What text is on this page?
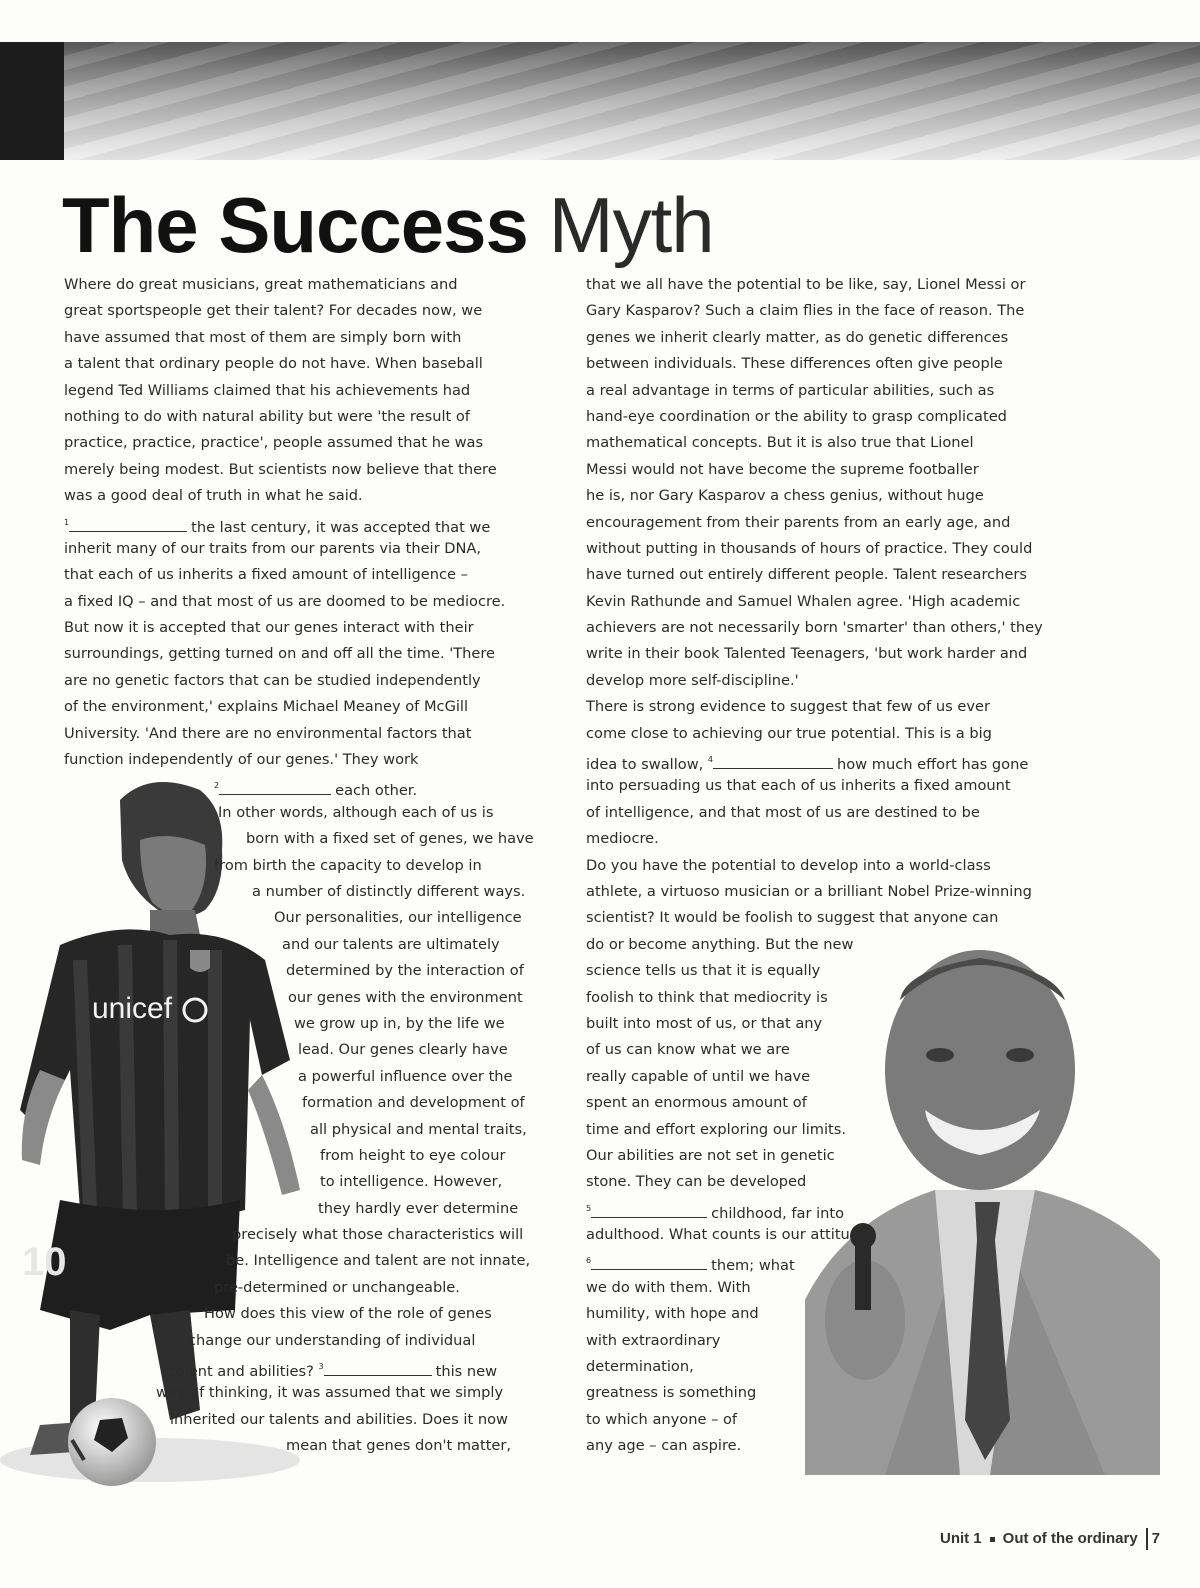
The Success Myth
unicef
10
Where do great musicians, great mathematicians and
great sportspeople get their talent? For decades now, we
have assumed that most of them are simply born with
a talent that ordinary people do not have. When baseball
legend Ted Williams claimed that his achievements had
nothing to do with natural ability but were 'the result of
practice, practice, practice', people assumed that he was
merely being modest. But scientists now believe that there
was a good deal of truth in what he said.
$^1$	the last century, it was accepted that we
inherit many of our traits from our parents via their DNA,
that each of us inherits a fixed amount of intelligence –
a fixed IQ – and that most of us are doomed to be mediocre.
But now it is accepted that our genes interact with their
surroundings, getting turned on and off all the time. 'There
are no genetic factors that can be studied independently
of the environment,' explains Michael Meaney of McGill
University. 'And there are no environmental factors that
function independently of our genes.' They work
$^2$	each other.
In other words, although each of us is
born with a fixed set of genes, we have
from birth the capacity to develop in
a number of distinctly different ways.
Our personalities, our intelligence
and our talents are ultimately
determined by the interaction of
our genes with the environment
we grow up in, by the life we
lead. Our genes clearly have
a powerful influence over the
formation and development of
all physical and mental traits,
from height to eye colour
to intelligence. However,
they hardly ever determine
precisely what those characteristics will
be. Intelligence and talent are not innate,
pre-determined or unchangeable.
How does this view of the role of genes
change our understanding of individual
talent and abilities? $^3$	this new
way of thinking, it was assumed that we simply
inherited our talents and abilities. Does it now
mean that genes don't matter,
that we all have the potential to be like, say, Lionel Messi or
Gary Kasparov? Such a claim flies in the face of reason. The
genes we inherit clearly matter, as do genetic differences
between individuals. These differences often give people
a real advantage in terms of particular abilities, such as
hand-eye coordination or the ability to grasp complicated
mathematical concepts. But it is also true that Lionel
Messi would not have become the supreme footballer
he is, nor Gary Kasparov a chess genius, without huge
encouragement from their parents from an early age, and
without putting in thousands of hours of practice. They could
have turned out entirely different people. Talent researchers
Kevin Rathunde and Samuel Whalen agree. 'High academic
achievers are not necessarily born 'smarter' than others,' they
write in their book Talented Teenagers, 'but work harder and
develop more self-discipline.'
There is strong evidence to suggest that few of us ever
come close to achieving our true potential. This is a big
idea to swallow, $^4$	how much effort has gone
into persuading us that each of us inherits a fixed amount
of intelligence, and that most of us are destined to be
mediocre.
Do you have the potential to develop into a world-class
athlete, a virtuoso musician or a brilliant Nobel Prize-winning
scientist? It would be foolish to suggest that anyone can
do or become anything. But the new
science tells us that it is equally
foolish to think that mediocrity is
built into most of us, or that any
of us can know what we are
really capable of until we have
spent an enormous amount of
time and effort exploring our limits.
Our abilities are not set in genetic
stone. They can be developed
$^5$	childhood, far into
adulthood. What counts is our attitude
$^6$	them; what
we do with them. With
humility, with hope and
with extraordinary
determination,
greatness is something
to which anyone – of
any age – can aspire.
Unit 1 Out of the ordinary 7
